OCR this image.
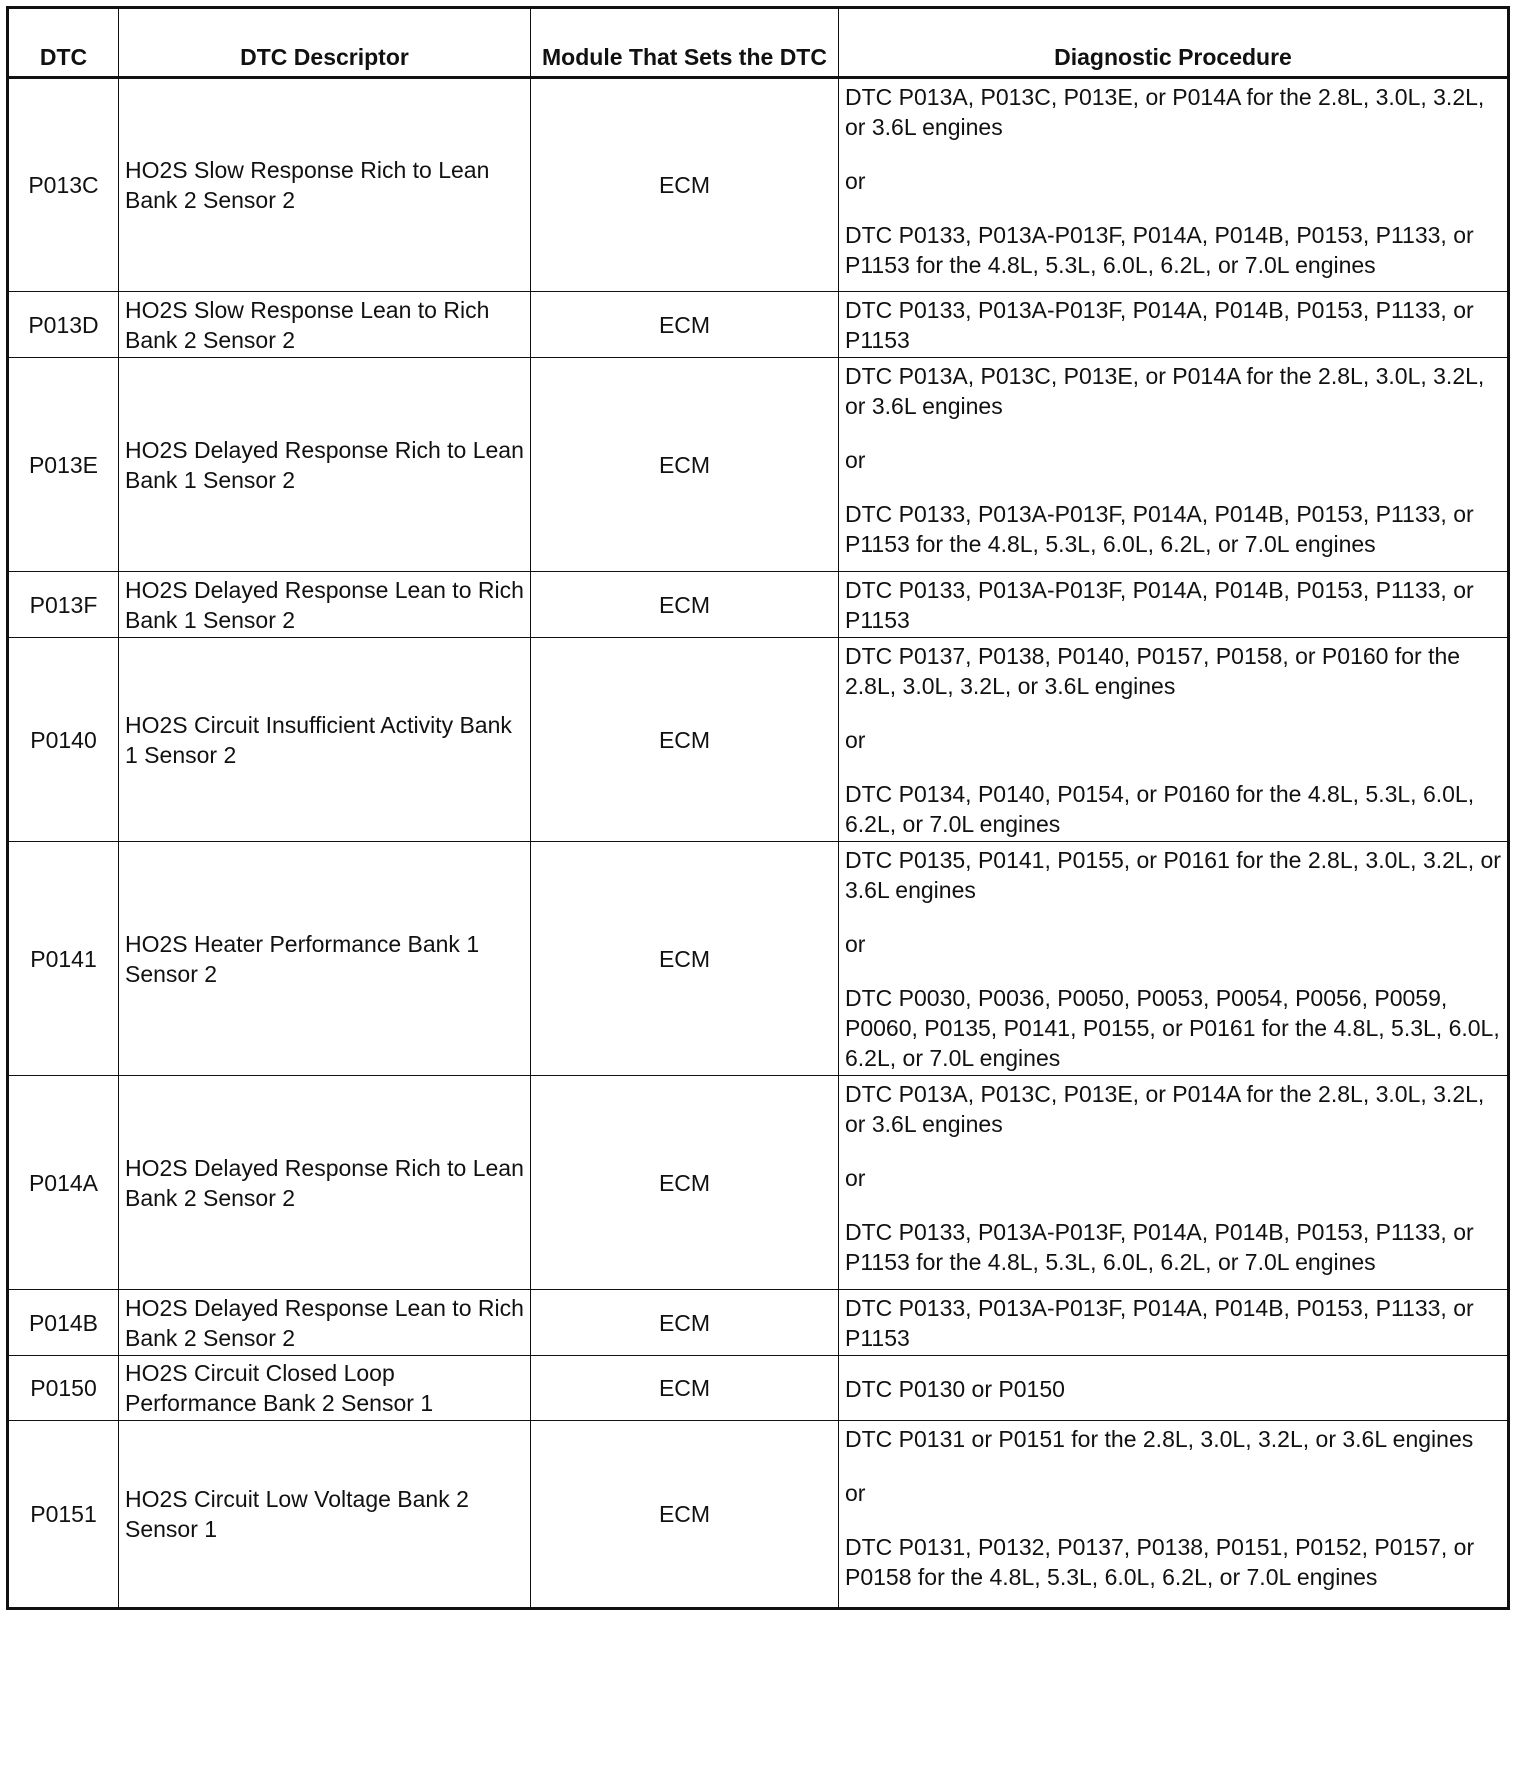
DTC	DTC Descriptor	Module That Sets the DTC	Diagnostic Procedure
P013C	HO2S Slow Response Rich to Lean Bank 2 Sensor 2	ECM	DTC P013A, P013C, P013E, or P014A for the 2.8L, 3.0L, 3.2L, or 3.6L engines
or
DTC P0133, P013A-P013F, P014A, P014B, P0153, P1133, or P1153 for the 4.8L, 5.3L, 6.0L, 6.2L, or 7.0L engines

P013D	HO2S Slow Response Lean to Rich Bank 2 Sensor 2	ECM	DTC P0133, P013A-P013F, P014A, P014B, P0153, P1133, or P1153

P013E	HO2S Delayed Response Rich to Lean Bank 1 Sensor 2	ECM	DTC P013A, P013C, P013E, or P014A for the 2.8L, 3.0L, 3.2L, or 3.6L engines
or
DTC P0133, P013A-P013F, P014A, P014B, P0153, P1133, or P1153 for the 4.8L, 5.3L, 6.0L, 6.2L, or 7.0L engines

P013F	HO2S Delayed Response Lean to Rich Bank 1 Sensor 2	ECM	DTC P0133, P013A-P013F, P014A, P014B, P0153, P1133, or P1153

P0140	HO2S Circuit Insufficient Activity Bank 1 Sensor 2	ECM	DTC P0137, P0138, P0140, P0157, P0158, or P0160 for the 2.8L, 3.0L, 3.2L, or 3.6L engines
or
DTC P0134, P0140, P0154, or P0160 for the 4.8L, 5.3L, 6.0L, 6.2L, or 7.0L engines

P0141	HO2S Heater Performance Bank 1 Sensor 2	ECM	DTC P0135, P0141, P0155, or P0161 for the 2.8L, 3.0L, 3.2L, or 3.6L engines
or
DTC P0030, P0036, P0050, P0053, P0054, P0056, P0059, P0060, P0135, P0141, P0155, or P0161 for the 4.8L, 5.3L, 6.0L, 6.2L, or 7.0L engines

P014A	HO2S Delayed Response Rich to Lean Bank 2 Sensor 2	ECM	DTC P013A, P013C, P013E, or P014A for the 2.8L, 3.0L, 3.2L, or 3.6L engines
or
DTC P0133, P013A-P013F, P014A, P014B, P0153, P1133, or P1153 for the 4.8L, 5.3L, 6.0L, 6.2L, or 7.0L engines

P014B	HO2S Delayed Response Lean to Rich Bank 2 Sensor 2	ECM	DTC P0133, P013A-P013F, P014A, P014B, P0153, P1133, or P1153

P0150	HO2S Circuit Closed Loop Performance Bank 2 Sensor 1	ECM	DTC P0130 or P0150

P0151	HO2S Circuit Low Voltage Bank 2 Sensor 1	ECM	DTC P0131 or P0151 for the 2.8L, 3.0L, 3.2L, or 3.6L engines
or
DTC P0131, P0132, P0137, P0138, P0151, P0152, P0157, or P0158 for the 4.8L, 5.3L, 6.0L, 6.2L, or 7.0L engines
